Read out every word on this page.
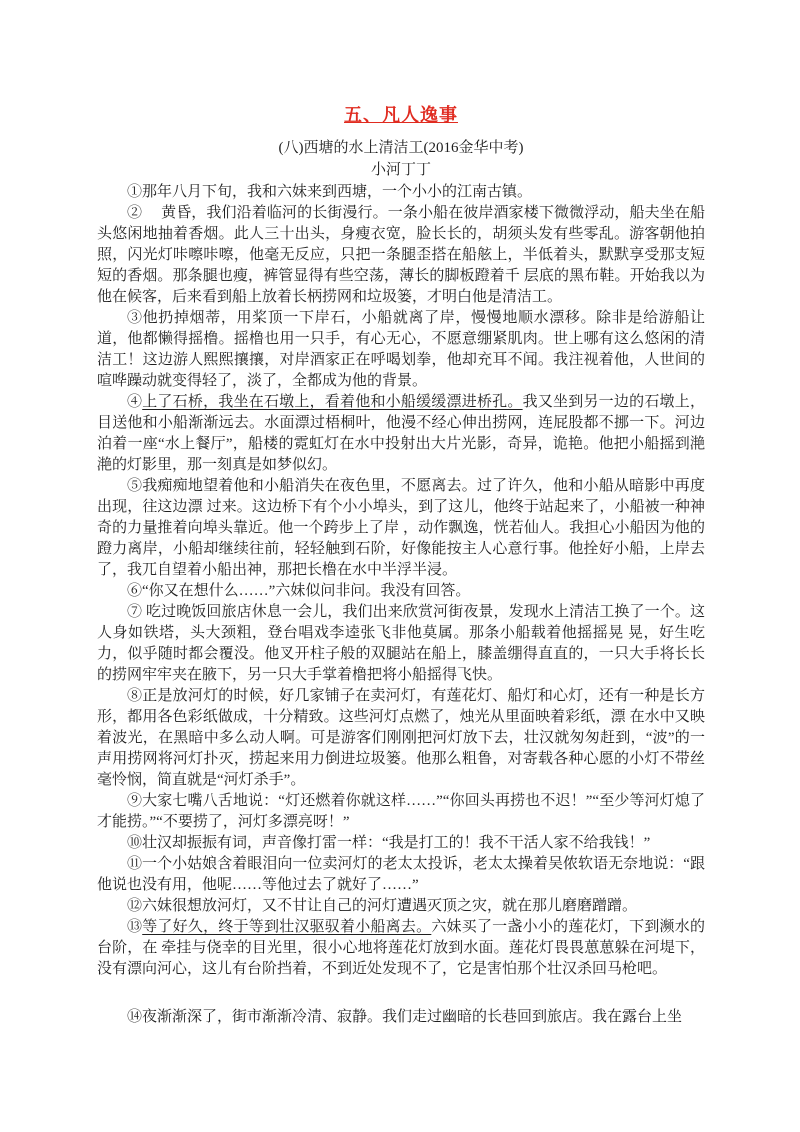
五、凡人逸事

(八)西塘的水上清洁工(2016金华中考)

小河丁丁

①那年八月下旬，我和六妹来到西塘，一个小小的江南古镇。

②　 黄昏，我们沿着临河的长街漫行。一条小船在彼岸酒家楼下微微浮动，船夫坐在船头悠闲地抽着香烟。此人三十出头，身瘦衣宽，脸长长的，胡须头发有些零乱。游客朝他拍照，闪光灯咔嚓咔嚓，他毫无反应，只把一条腿歪搭在船舷上，半低着头，默默享受那支短短的香烟。那条腿也瘦，裤管显得有些空荡，薄长的脚板蹬着千 层底的黑布鞋。开始我以为他在候客，后来看到船上放着长柄捞网和垃圾篓，才明白他是清洁工。

③他扔掉烟蒂，用桨顶一下岸石，小船就离了岸，慢慢地顺水漂移。除非是给游船让道，他都懒得摇橹。摇橹也用一只手，有心无心，不愿意绷紧肌肉。世上哪有这么悠闲的清洁工！这边游人熙熙攘攘，对岸酒家正在呼喝划拳，他却充耳不闻。我注视着他，人世间的喧哗躁动就变得轻了，淡了，全都成为他的背景。

④上了石桥，我坐在石墩上，看着他和小船缓缓漂进桥孔。我又坐到另一边的石墩上，目送他和小船渐渐远去。水面漂过梧桐叶，他漫不经心伸出捞网，连屁股都不挪一下。河边泊着一座“水上餐厅”，船楼的霓虹灯在水中投射出大片光影，奇异，诡艳。他把小船摇到滟滟的灯影里，那一刻真是如梦似幻。

⑤我痴痴地望着他和小船消失在夜色里，不愿离去。过了许久，他和小船从暗影中再度出现，往这边漂 过来。这边桥下有个小小埠头，到了这儿，他终于站起来了，小船被一种神奇的力量推着向埠头靠近。他一个跨步上了岸 ，动作飘逸，恍若仙人。我担心小船因为他的蹬力离岸，小船却继续往前，轻轻触到石阶，好像能按主人心意行事。他拴好小船，上岸去了，我兀自望着小船出神，那把长橹在水中半浮半浸。

⑥“你又在想什么……”六妹似问非问。我没有回答。

⑦ 吃过晚饭回旅店休息一会儿，我们出来欣赏河街夜景，发现水上清洁工换了一个。这人身如铁塔，头大颈粗，登台唱戏李逵张飞非他莫属。那条小船载着他摇摇晃 晃，好生吃力，似乎随时都会覆没。他叉开柱子般的双腿站在船上，膝盖绷得直直的，一只大手将长长的捞网牢牢夹在腋下，另一只大手掌着橹把将小船摇得飞快。

⑧正是放河灯的时候，好几家铺子在卖河灯，有莲花灯、船灯和心灯，还有一种是长方形，都用各色彩纸做成，十分精致。这些河灯点燃了，烛光从里面映着彩纸，漂 在水中又映着波光，在黑暗中多么动人啊。可是游客们刚刚把河灯放下去，壮汉就匆匆赶到，“波”的一声用捞网将河灯扑灭，捞起来用力倒进垃圾篓。他那么粗鲁，对寄载各种心愿的小灯不带丝毫怜悯，简直就是“河灯杀手”。

⑨大家七嘴八舌地说：“灯还燃着你就这样……”“你回头再捞也不迟！”“至少等河灯熄了才能捞。”“不要捞了，河灯多漂亮呀！”

⑩壮汉却振振有词，声音像打雷一样：“我是打工的！我不干活人家不给我钱！”

⑪一个小姑娘含着眼泪向一位卖河灯的老太太投诉，老太太操着吴侬软语无奈地说：“跟他说也没有用，他呢……等他过去了就好了……”

⑫六妹很想放河灯，又不甘让自己的河灯遭遇灭顶之灾，就在那儿磨磨蹭蹭。

⑬等了好久，终于等到壮汉驱驭着小船离去。六妹买了一盏小小的莲花灯，下到濒水的台阶，在 牵挂与侥幸的目光里，很小心地将莲花灯放到水面。莲花灯畏畏葸葸躲在河堤下，没有漂向河心，这儿有台阶挡着，不到近处发现不了，它是害怕那个壮汉杀回马枪吧。

⑭夜渐渐深了，街市渐渐冷清、寂静。我们走过幽暗的长巷回到旅店。我在露台上坐
